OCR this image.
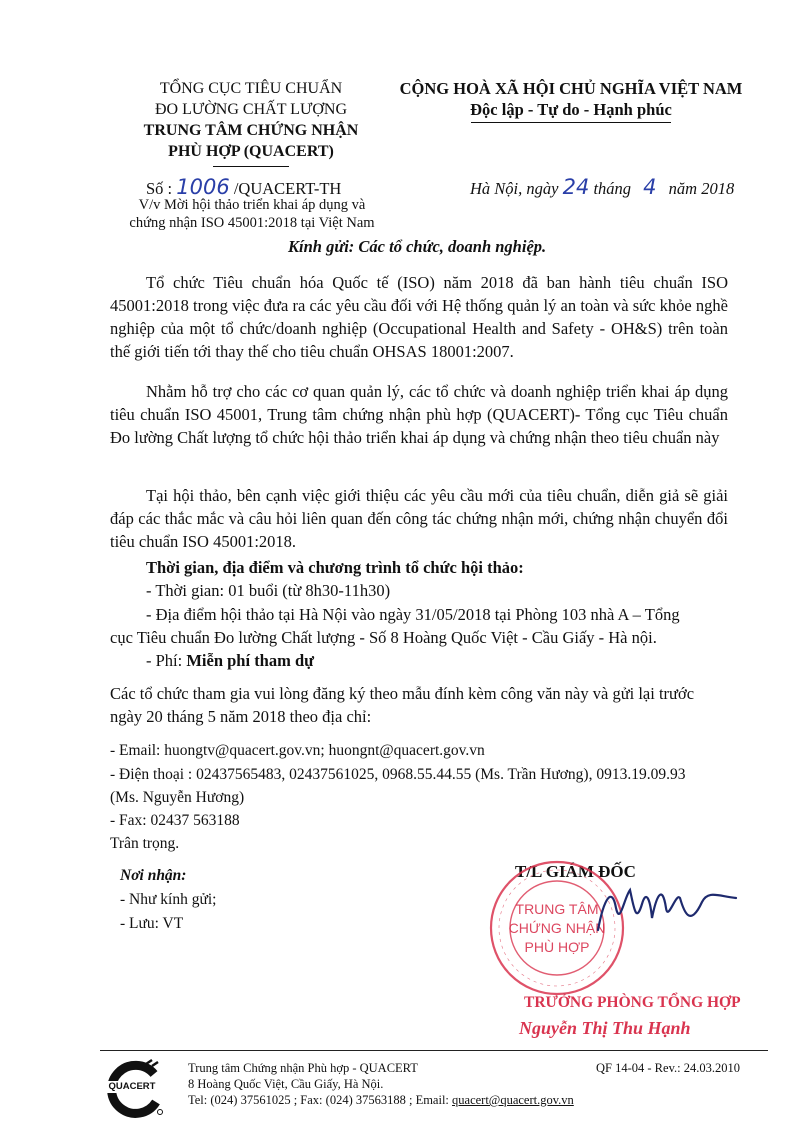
TỔNG CỤC TIÊU CHUẨN
ĐO LƯỜNG CHẤT LƯỢNG
TRUNG TÂM CHỨNG NHẬN
PHÙ HỢP (QUACERT)
CỘNG HOÀ XÃ HỘI CHỦ NGHĨA VIỆT NAM
Độc lập - Tự do - Hạnh phúc
Số : 1006 /QUACERT-TH
V/v Mời hội thảo triển khai áp dụng và
chứng nhận ISO 45001:2018 tại Việt Nam
Hà Nội, ngày 24 tháng 4 năm 2018
Kính gửi: Các tổ chức, doanh nghiệp.
Tổ chức Tiêu chuẩn hóa Quốc tế (ISO) năm 2018 đã ban hành tiêu chuẩn ISO 45001:2018 trong việc đưa ra các yêu cầu đối với Hệ thống quản lý an toàn và sức khỏe nghề nghiệp của một tổ chức/doanh nghiệp (Occupational Health and Safety - OH&S) trên toàn thế giới tiến tới thay thế cho tiêu chuẩn OHSAS 18001:2007.
Nhằm hỗ trợ cho các cơ quan quản lý, các tổ chức và doanh nghiệp triển khai áp dụng tiêu chuẩn ISO 45001, Trung tâm chứng nhận phù hợp (QUACERT)- Tổng cục Tiêu chuẩn Đo lường Chất lượng tổ chức hội thảo triển khai áp dụng và chứng nhận theo tiêu chuẩn này
Tại hội thảo, bên cạnh việc giới thiệu các yêu cầu mới của tiêu chuẩn, diễn giả sẽ giải đáp các thắc mắc và câu hỏi liên quan đến công tác chứng nhận mới, chứng nhận chuyển đổi tiêu chuẩn ISO 45001:2018.
Thời gian, địa điểm và chương trình tổ chức hội thảo:
- Thời gian: 01 buổi (từ 8h30-11h30)
- Địa điểm hội thảo tại Hà Nội vào ngày 31/05/2018 tại Phòng 103 nhà A – Tổng
cục Tiêu chuẩn Đo lường Chất lượng - Số 8 Hoàng Quốc Việt - Cầu Giấy - Hà nội.
- Phí: Miễn phí tham dự
Các tổ chức tham gia vui lòng đăng ký theo mẫu đính kèm công văn này và gửi lại trước
ngày 20 tháng 5 năm 2018 theo địa chỉ:
- Email: huongtv@quacert.gov.vn; huongnt@quacert.gov.vn
- Điện thoại : 02437565483, 02437561025, 0968.55.44.55 (Ms. Trần Hương), 0913.19.09.93
(Ms. Nguyễn Hương)
- Fax: 02437 563188
Trân trọng.
Nơi nhận:
- Như kính gửi;
- Lưu: VT
T/L GIÁM ĐỐC
TRUNG TÂM
CHỨNG NHẬN
PHÙ HỢP
TRƯỞNG PHÒNG TỔNG HỢP
Nguyễn Thị Thu Hạnh
QUACERT
Trung tâm Chứng nhận Phù hợp - QUACERT
8 Hoàng Quốc Việt, Cầu Giấy, Hà Nội.
Tel: (024) 37561025 ; Fax: (024) 37563188 ; Email: quacert@quacert.gov.vn
QF 14-04 - Rev.: 24.03.2010
